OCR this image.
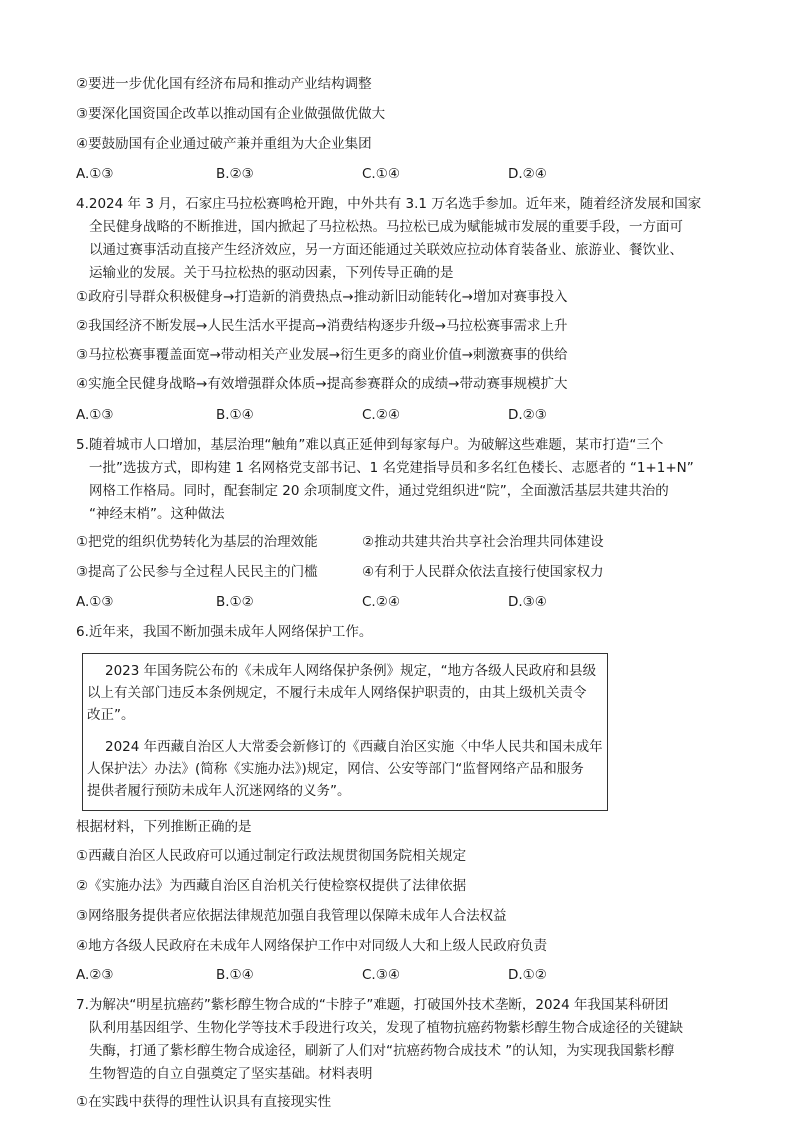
②要进一步优化国有经济布局和推动产业结构调整
③要深化国资国企改革以推动国有企业做强做优做大
④要鼓励国有企业通过破产兼并重组为大企业集团
A.①③	B.②③	C.①④	D.②④
4.2024 年 3 月，石家庄马拉松赛鸣枪开跑，中外共有 3.1 万名选手参加。近年来，随着经济发展和国家
全民健身战略的不断推进，国内掀起了马拉松热。马拉松已成为赋能城市发展的重要手段，一方面可
以通过赛事活动直接产生经济效应，另一方面还能通过关联效应拉动体育装备业、旅游业、餐饮业、
运输业的发展。关于马拉松热的驱动因素，下列传导正确的是
①政府引导群众积极健身→打造新的消费热点→推动新旧动能转化→增加对赛事投入
②我国经济不断发展→人民生活水平提高→消费结构逐步升级→马拉松赛事需求上升
③马拉松赛事覆盖面宽→带动相关产业发展→衍生更多的商业价值→刺激赛事的供给
④实施全民健身战略→有效增强群众体质→提高参赛群众的成绩→带动赛事规模扩大
A.①③	B.①④	C.②④	D.②③
5.随着城市人口增加，基层治理“触角”难以真正延伸到每家每户。为破解这些难题，某市打造“三个
一批”选拔方式，即构建 1 名网格党支部书记、1 名党建指导员和多名红色楼长、志愿者的 “1+1+N”
网格工作格局。同时，配套制定 20 余项制度文件，通过党组织进“院”，全面激活基层共建共治的
“神经末梢”。这种做法
①把党的组织优势转化为基层的治理效能	②推动共建共治共享社会治理共同体建设
③提高了公民参与全过程人民民主的门槛	④有利于人民群众依法直接行使国家权力
A.①③	B.①②	C.②④	D.③④
6.近年来，我国不断加强未成年人网络保护工作。
2023 年国务院公布的《未成年人网络保护条例》规定，“地方各级人民政府和县级
以上有关部门违反本条例规定，不履行未成年人网络保护职责的，由其上级机关责令
改正”。
2024 年西藏自治区人大常委会新修订的《西藏自治区实施〈中华人民共和国未成年
人保护法〉办法》(简称《实施办法》)规定，网信、公安等部门“监督网络产品和服务
提供者履行预防未成年人沉迷网络的义务”。
根据材料，下列推断正确的是
①西藏自治区人民政府可以通过制定行政法规贯彻国务院相关规定
②《实施办法》为西藏自治区自治机关行使检察权提供了法律依据
③网络服务提供者应依据法律规范加强自我管理以保障未成年人合法权益
④地方各级人民政府在未成年人网络保护工作中对同级人大和上级人民政府负责
A.②③	B.①④	C.③④	D.①②
7.为解决“明星抗癌药”紫杉醇生物合成的“卡脖子”难题，打破国外技术垄断，2024 年我国某科研团
队利用基因组学、生物化学等技术手段进行攻关，发现了植物抗癌药物紫杉醇生物合成途径的关键缺
失酶，打通了紫杉醇生物合成途径，刷新了人们对“抗癌药物合成技术 ”的认知，为实现我国紫杉醇
生物智造的自立自强奠定了坚实基础。材料表明
①在实践中获得的理性认识具有直接现实性
